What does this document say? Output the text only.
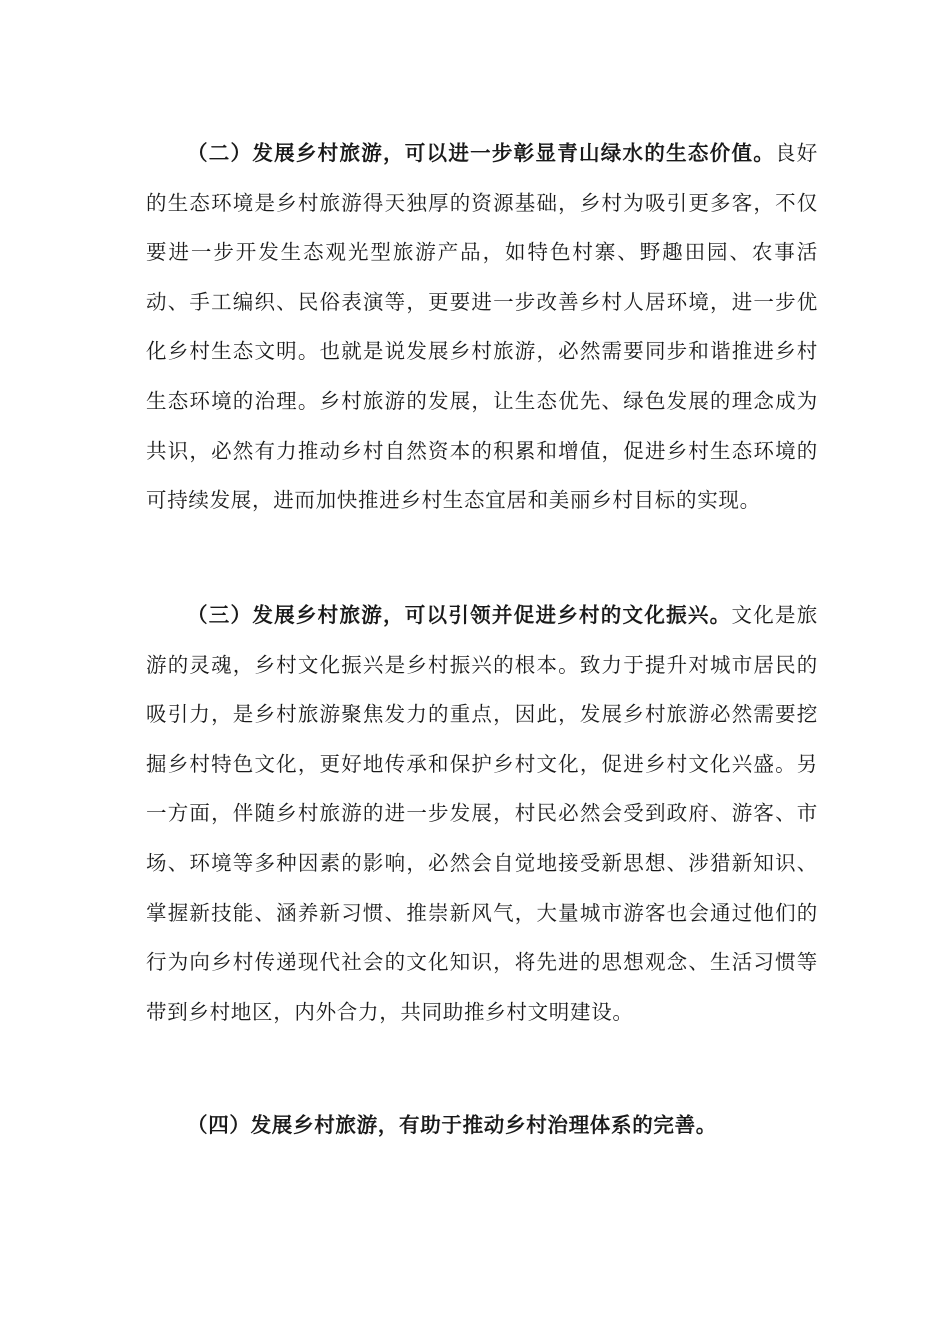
（二）发展乡村旅游，可以进一步彰显青山绿水的生态价值。良好的生态环境是乡村旅游得天独厚的资源基础，乡村为吸引更多客，不仅要进一步开发生态观光型旅游产品，如特色村寨、野趣田园、农事活动、手工编织、民俗表演等，更要进一步改善乡村人居环境，进一步优化乡村生态文明。也就是说发展乡村旅游，必然需要同步和谐推进乡村生态环境的治理。乡村旅游的发展，让生态优先、绿色发展的理念成为共识，必然有力推动乡村自然资本的积累和增值，促进乡村生态环境的可持续发展，进而加快推进乡村生态宜居和美丽乡村目标的实现。

（三）发展乡村旅游，可以引领并促进乡村的文化振兴。文化是旅游的灵魂，乡村文化振兴是乡村振兴的根本。致力于提升对城市居民的吸引力，是乡村旅游聚焦发力的重点，因此，发展乡村旅游必然需要挖掘乡村特色文化，更好地传承和保护乡村文化，促进乡村文化兴盛。另一方面，伴随乡村旅游的进一步发展，村民必然会受到政府、游客、市场、环境等多种因素的影响，必然会自觉地接受新思想、涉猎新知识、掌握新技能、涵养新习惯、推崇新风气，大量城市游客也会通过他们的行为向乡村传递现代社会的文化知识，将先进的思想观念、生活习惯等带到乡村地区，内外合力，共同助推乡村文明建设。

（四）发展乡村旅游，有助于推动乡村治理体系的完善。
